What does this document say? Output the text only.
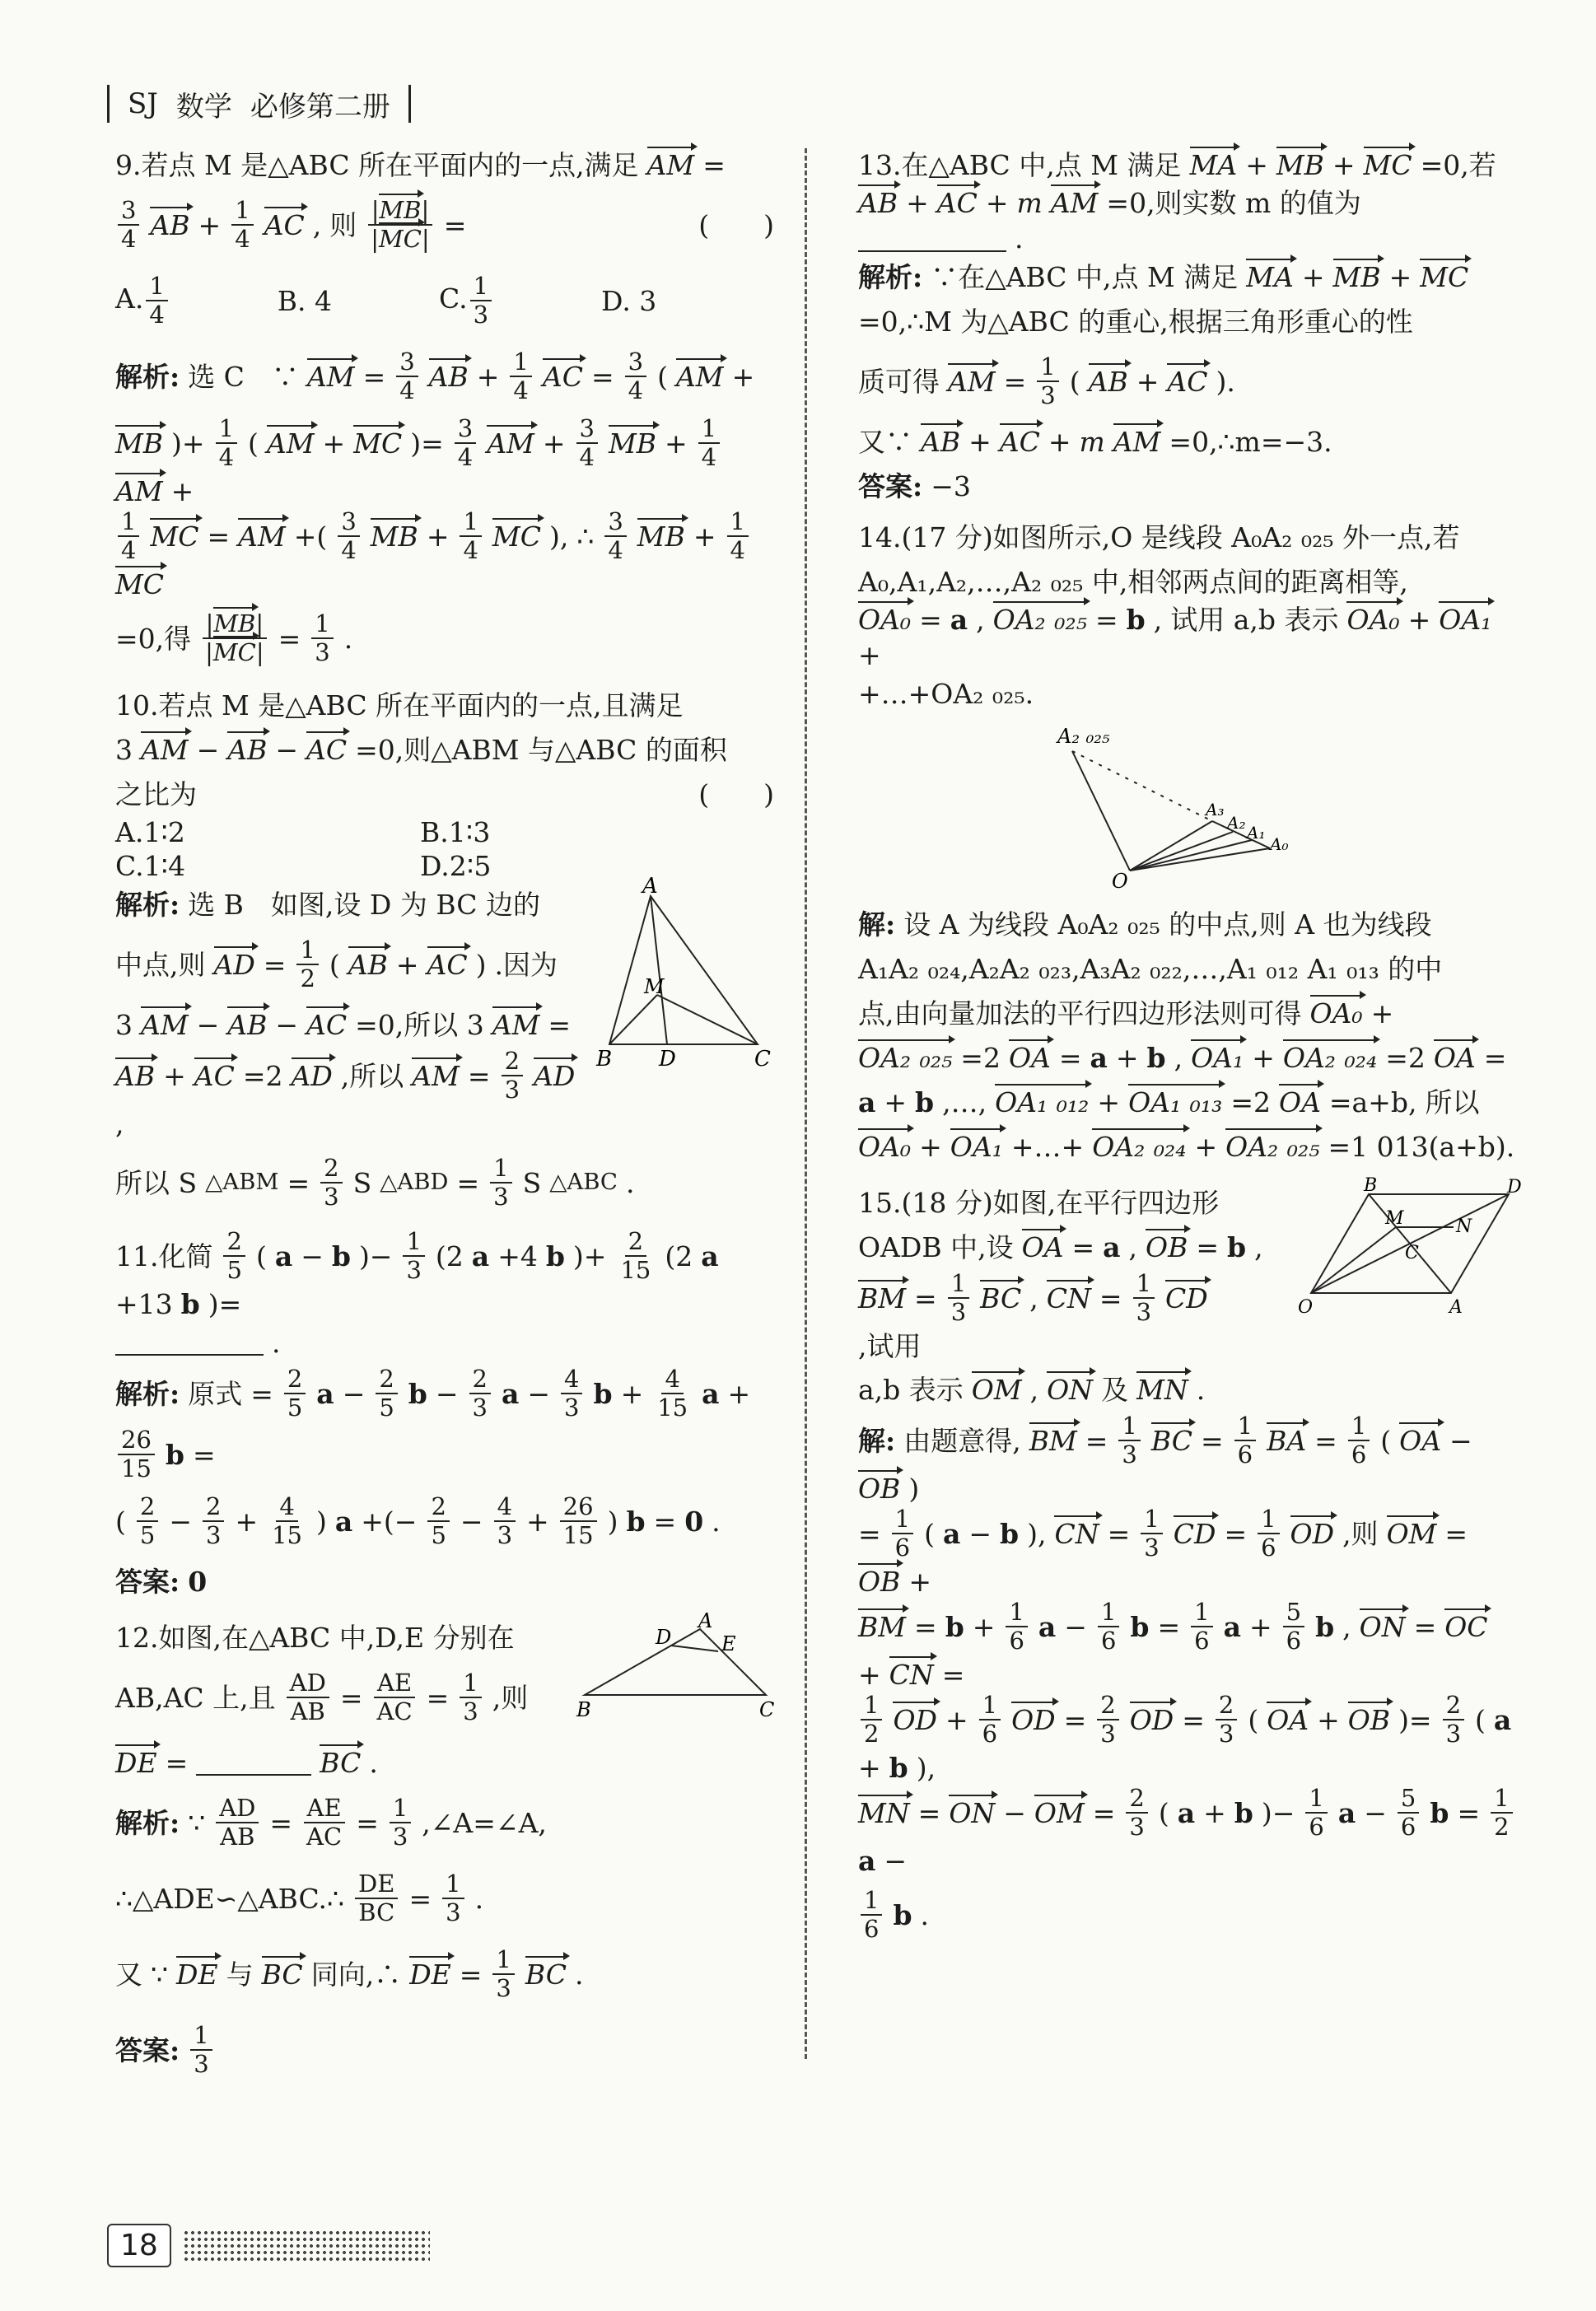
SJ 数学 必修第二册
9.若点 M 是△ABC 所在平面内的一点,满足 AM =
$\frac{3}{4}$ AB + $\frac{1}{4}$ AC , 则 $\frac{|MB|}{|MC|}$ =	(　　)
A. $\frac{1}{4}$	B. 4	C. $\frac{1}{3}$	D. 3
解析: 选 C　∵ AM = $\frac{3}{4}$ AB + $\frac{1}{4}$ AC = $\frac{3}{4}$ ( AM +
MB )+ $\frac{1}{4}$ ( AM + MC )= $\frac{3}{4}$ AM + $\frac{3}{4}$ MB + $\frac{1}{4}$
AM +
$\frac{1}{4}$ MC = AM +( $\frac{3}{4}$ MB + $\frac{1}{4}$ MC ), ∴ $\frac{3}{4}$ MB + $\frac{1}{4}$
MC
=0,得 $\frac{|MB|}{|MC|} = \frac{1}{3}$ .
10.若点 M 是△ABC 所在平面内的一点,且满足
3 AM − AB − AC =0,则△ABM 与△ABC 的面积
之比为	(　　)
A.1∶2	B.1∶3
C.1∶4	D.2∶5
解析: 选 B　如图,设 D 为 BC 边的
中点,则 AD = $\frac{1}{2}$ ( AB + AC ) .因为
3 AM − AB − AC =0,所以 3 AM =
AB + AC =2 AD ,所以 AM = $\frac{2}{3}$ AD
,
A
M
B D	C
所以 S △ABM = $\frac{2}{3}$ S △ABD = $\frac{1}{3}$ S △ABC .
11.化简 $\frac{2}{5}$ ( a − b )− $\frac{1}{3} (2$ a +4 b )+ $\frac{2}{15} (2$ a
+13 b )=
.
解析: 原式 = $\frac{2}{5}$ $a - \frac{2}{5}$ $b - \frac{2}{3}$ $a - \frac{4}{3}$ $b + \frac{4}{15}$ a +
$\frac{26}{15}$ b =
( $\frac{2}{5} - \frac{2}{3} + \frac{4}{15}$ ) a +(− $\frac{2}{5} - \frac{4}{3} + \frac{26}{15}$ ) b = 0 .
答案: 0
12.如图,在△ABC 中,D,E 分别在
AB,AC 上,且 $\frac{AD}{AB} = \frac{AE}{AC} = \frac{1}{3}$ ,则
A
D	E
B	C
DE =	BC .
解析: ∵ $\frac{AD}{AB} = \frac{AE}{AC} = \frac{1}{3}$ ,∠A=∠A,
∴△ADE∽△ABC.∴ $\frac{DE}{BC} = \frac{1}{3}$ .
又 ∵ DE 与 BC 同向,∴ DE = $\frac{1}{3}$ BC .
答案: $\frac{1}{3}$
13.在△ABC 中,点 M 满足 MA + MB + MC =0,若
AB + AC + m AM =0,则实数 m 的值为
.
解析: ∵在△ABC 中,点 M 满足 MA + MB + MC
=0,∴M 为△ABC 的重心,根据三角形重心的性
质可得 AM = $\frac{1}{3}$ ( AB + AC ).
又∵ AB + AC + m AM =0,∴m=−3.
答案: −3
14.(17 分)如图所示,O 是线段 A₀A₂ ₀₂₅ 外一点,若
A₀,A₁,A₂,…,A₂ ₀₂₅ 中,相邻两点间的距离相等,
OA₀ = a , OA₂ ₀₂₅ = b , 试用 a,b 表示 OA₀ + OA₁
+
+…+OA₂ ₀₂₅.
A₂ ₀₂₅
A₃
A₂ A₁
A₀
O
解: 设 A 为线段 A₀A₂ ₀₂₅ 的中点,则 A 也为线段
A₁A₂ ₀₂₄,A₂A₂ ₀₂₃,A₃A₂ ₀₂₂,…,A₁ ₀₁₂ A₁ ₀₁₃ 的中
点,由向量加法的平行四边形法则可得 OA₀ +
OA₂ ₀₂₅ =2 OA = a + b , OA₁ + OA₂ ₀₂₄ =2 OA =
a + b ,…, OA₁ ₀₁₂ + OA₁ ₀₁₃ =2 OA =a+b, 所以
OA₀ + OA₁ +…+ OA₂ ₀₂₄ + OA₂ ₀₂₅ =1 013(a+b).
15.(18 分)如图,在平行四边形
OADB 中,设 OA = a , OB = b ,
BM = $\frac{1}{3}$ BC , CN = $\frac{1}{3}$ CD
,试用
B	D
M
C
N
O	A
a,b 表示 OM , ON 及 MN .
解: 由题意得, BM = $\frac{1}{3}$ BC = $\frac{1}{6}$ BA = $\frac{1}{6}$ ( OA −
OB )
= $\frac{1}{6}$ ( a − b ), CN = $\frac{1}{3}$ CD = $\frac{1}{6}$ OD ,则 OM =
OB +
BM = $b + \frac{1}{6}$ $a - \frac{1}{6}$ $b = \frac{1}{6}$ $a + \frac{5}{6}$ b , ON = OC
+ CN =
$\frac{1}{2}$ OD + $\frac{1}{6}$ OD = $\frac{2}{3}$ OD = $\frac{2}{3}$ ( OA + OB )= $\frac{2}{3}$ ( a
+ b ),
MN = ON − OM = $\frac{2}{3}$ ( a + b )− $\frac{1}{6}$ $a - \frac{5}{6}$ $b = \frac{1}{2}$
a −
$\frac{1}{6}$ b .
18
